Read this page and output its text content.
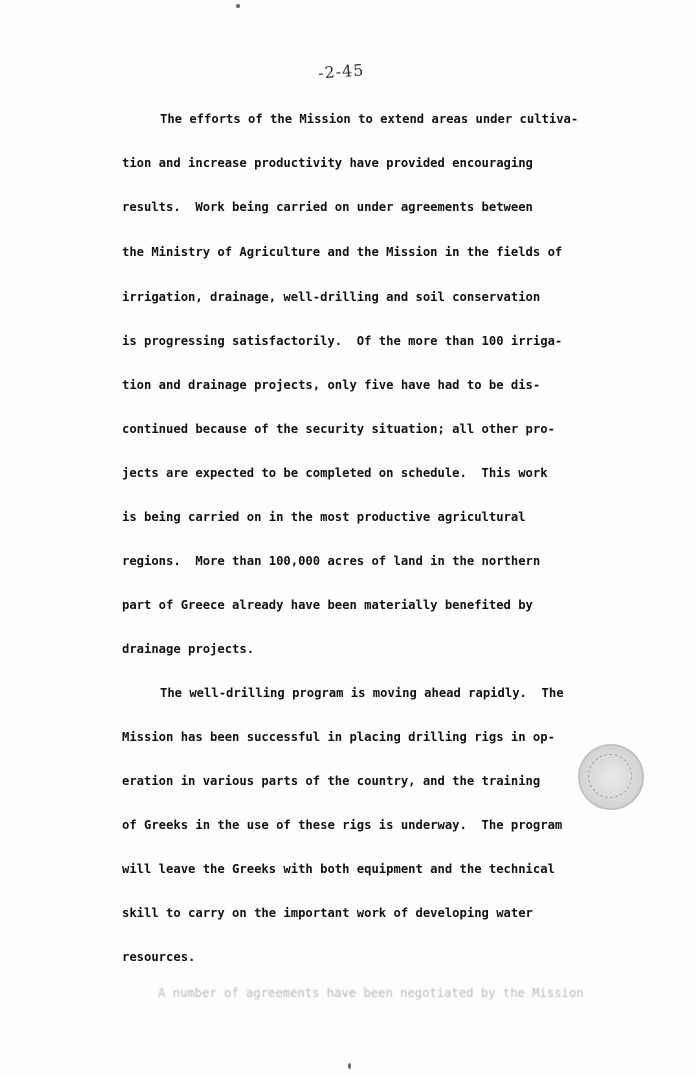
-2-45

The efforts of the Mission to extend areas under cultiva-

tion and increase productivity have provided encouraging

results.  Work being carried on under agreements between

the Ministry of Agriculture and the Mission in the fields of

irrigation, drainage, well-drilling and soil conservation

is progressing satisfactorily.  Of the more than 100 irriga-

tion and drainage projects, only five have had to be dis-

continued because of the security situation; all other pro-

jects are expected to be completed on schedule.  This work

is being carried on in the most productive agricultural

regions.  More than 100,000 acres of land in the northern

part of Greece already have been materially benefited by

drainage projects.

The well-drilling program is moving ahead rapidly.  The

Mission has been successful in placing drilling rigs in op-

eration in various parts of the country, and the training

of Greeks in the use of these rigs is underway.  The program

will leave the Greeks with both equipment and the technical

skill to carry on the important work of developing water

resources.

A number of agreements have been negotiated by the Mission
